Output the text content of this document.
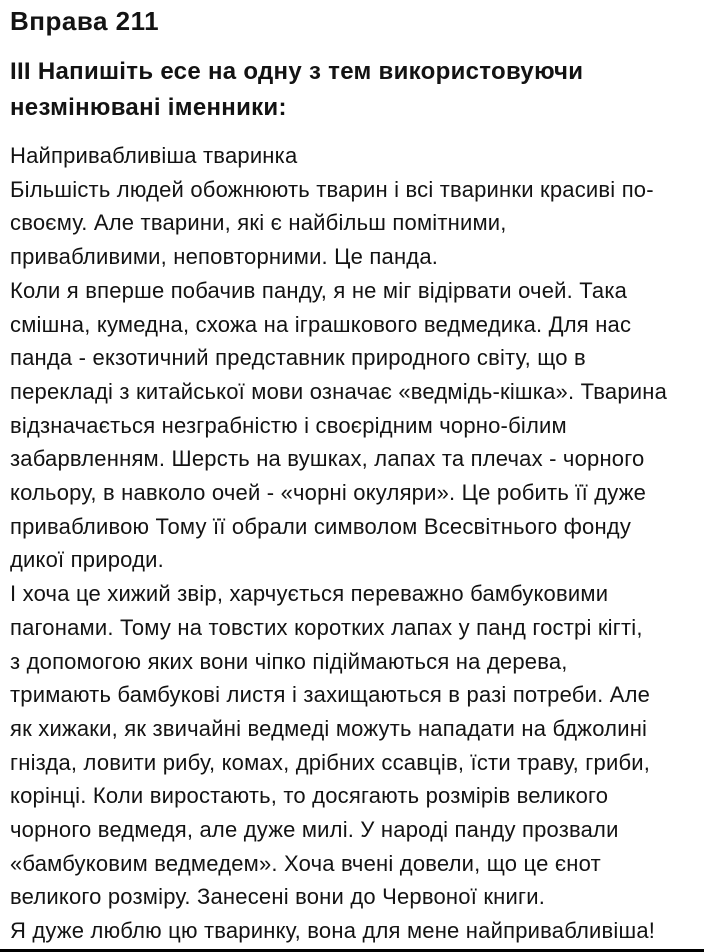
Вправа 211
III Напишіть есе на одну з тем використовуючи
незмінювані іменники:
Найпривабливіша тваринка
Більшість людей обожнюють тварин і всі тваринки красиві по-
своєму. Але тварини, які є найбільш помітними,
привабливими, неповторними. Це панда.
Коли я вперше побачив панду, я не міг відірвати очей. Така
смішна, кумедна, схожа на іграшкового ведмедика. Для нас
панда - екзотичний представник природного світу, що в
перекладі з китайської мови означає «ведмідь-кішка». Тварина
відзначається незграбністю і своєрідним чорно-білим
забарвленням. Шерсть на вушках, лапах та плечах - чорного
кольору, в навколо очей - «чорні окуляри». Це робить її дуже
привабливою Тому її обрали символом Всесвітнього фонду
дикої природи.
І хоча це хижий звір, харчується переважно бамбуковими
пагонами. Тому на товстих коротких лапах у панд гострі кігті,
з допомогою яких вони чіпко підіймаються на дерева,
тримають бамбукові листя і захищаються в разі потреби. Але
як хижаки, як звичайні ведмеді можуть нападати на бджолині
гнізда, ловити рибу, комах, дрібних ссавців, їсти траву, гриби,
корінці. Коли виростають, то досягають розмірів великого
чорного ведмедя, але дуже милі. У народі панду прозвали
«бамбуковим ведмедем». Хоча вчені довели, що це єнот
великого розміру. Занесені вони до Червоної книги.
Я дуже люблю цю тваринку, вона для мене найпривабливіша!
